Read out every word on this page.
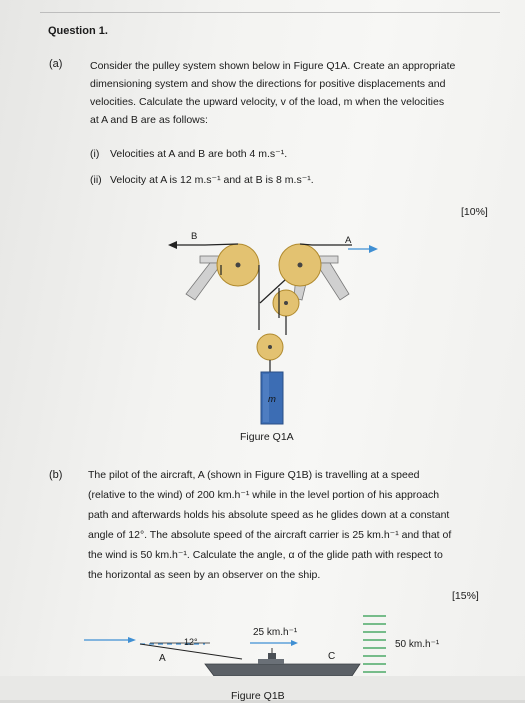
Question 1.
(a)	Consider the pulley system shown below in Figure Q1A. Create an appropriate
dimensioning system and show the directions for positive displacements and
velocities. Calculate the upward velocity, v of the load, m when the velocities
at A and B are as follows:
(i) Velocities at A and B are both 4 m.s⁻¹.
(ii) Velocity at A is 12 m.s⁻¹ and at B is 8 m.s⁻¹.
[10%]
B	A
m
Figure Q1A
(b) The pilot of the aircraft, A (shown in Figure Q1B) is travelling at a speed
(relative to the wind) of 200 km.h⁻¹ while in the level portion of his approach
path and afterwards holds his absolute speed as he glides down at a constant
angle of 12°. The absolute speed of the aircraft carrier is 25 km.h⁻¹ and that of
the wind is 50 km.h⁻¹. Calculate the angle, α of the glide path with respect to
the horizontal as seen by an observer on the ship.
[15%]
12°
A
25 km.h⁻¹
C
50 km.h⁻¹
Figure Q1B
